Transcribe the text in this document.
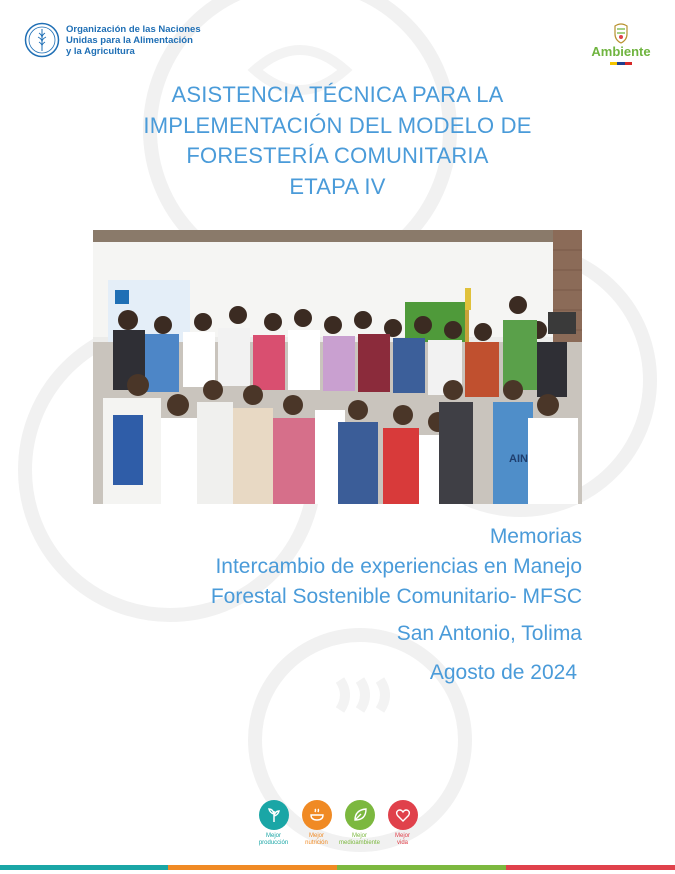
Organización de las Naciones
Unidas para la Alimentación
y la Agricultura	Ambiente
ASISTENCIA TÉCNICA PARA LA
IMPLEMENTACIÓN DEL MODELO DE
FORESTERÍA COMUNITARIA
ETAPA IV
AIN
Memorias
Intercambio de experiencias en Manejo
Forestal Sostenible Comunitario- MFSC
San Antonio, Tolima
Agosto de 2024
Mejor
producción
Mejor
nutrición
Mejor
medioambiente
Mejor
vida
